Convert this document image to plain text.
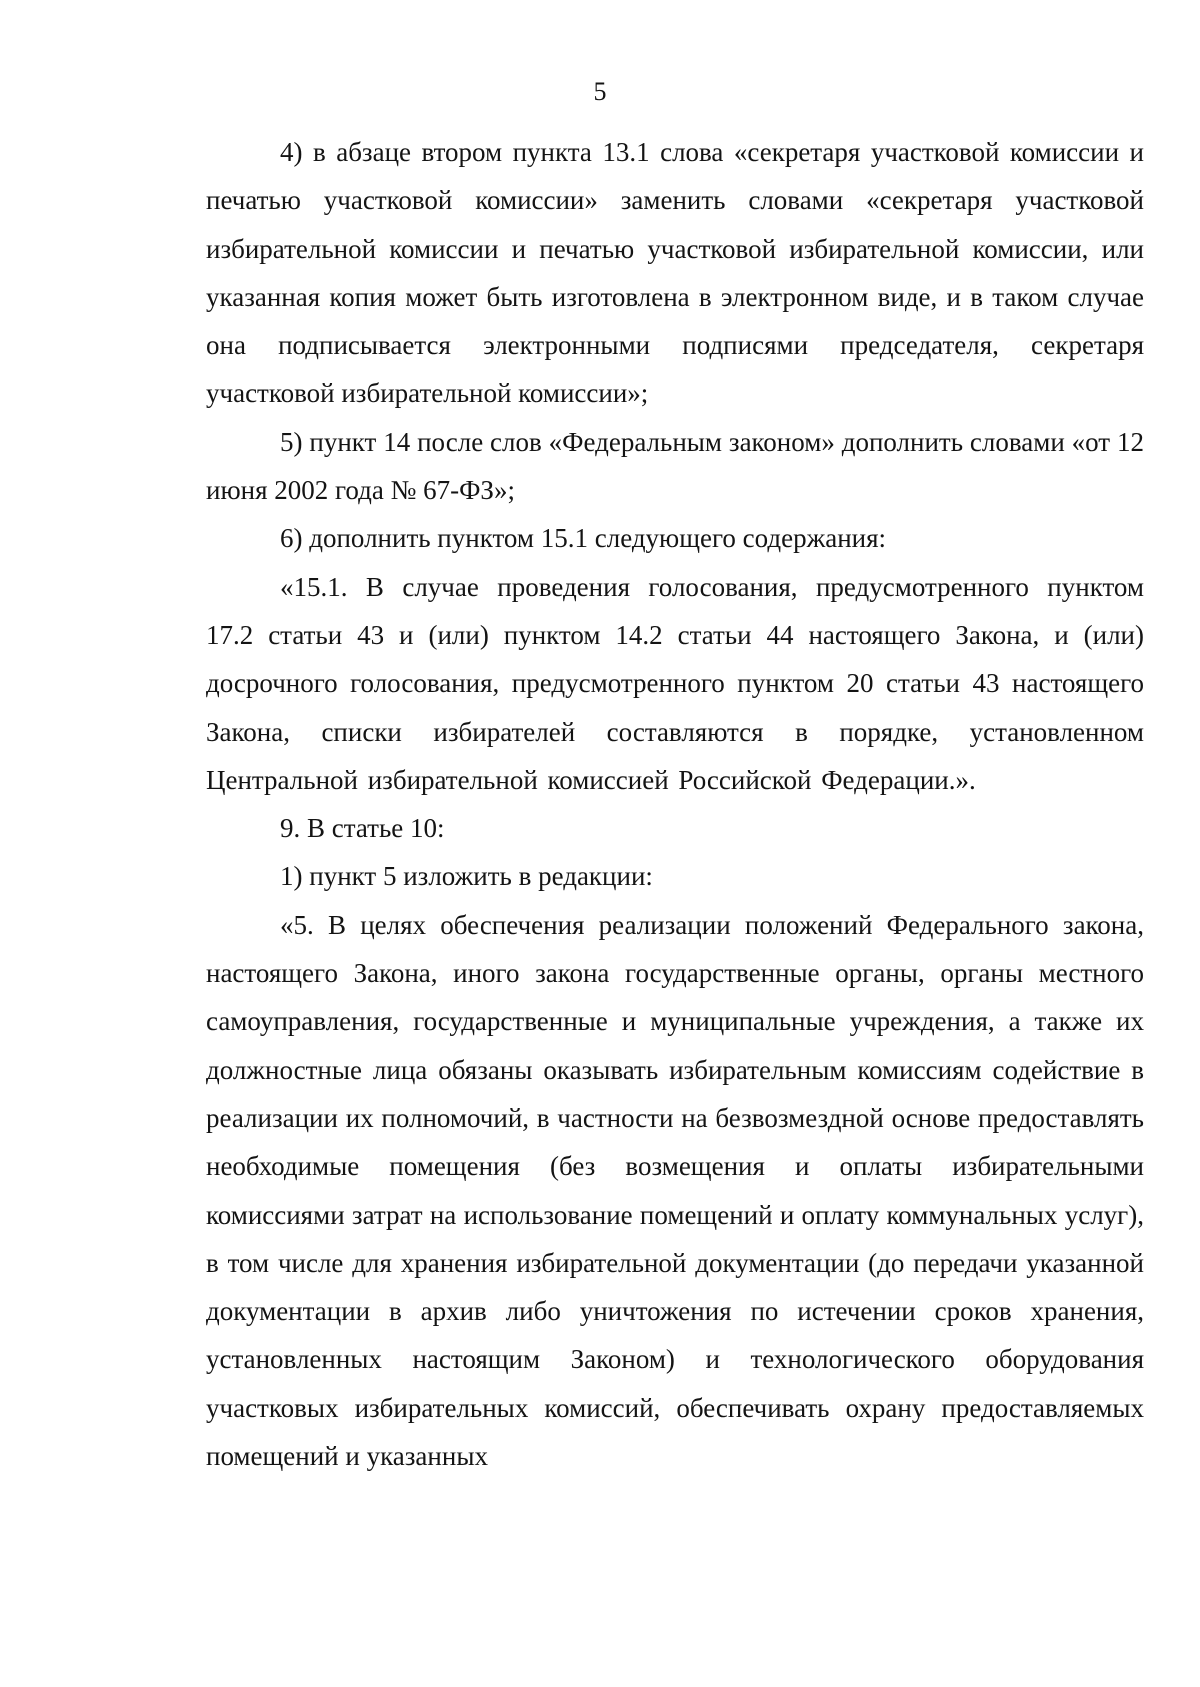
5

4) в абзаце втором пункта 13.1 слова «секретаря участковой комиссии и печатью участковой комиссии» заменить словами «секретаря участковой избирательной комиссии и печатью участковой избирательной комиссии, или указанная копия может быть изготовлена в электронном виде, и в таком случае она подписывается электронными подписями председателя, секретаря участковой избирательной комиссии»;

5) пункт 14 после слов «Федеральным законом» дополнить словами «от 12 июня 2002 года № 67-ФЗ»;

6) дополнить пунктом 15.1 следующего содержания:

«15.1. В случае проведения голосования, предусмотренного пунктом 17.2 статьи 43 и (или) пунктом 14.2 статьи 44 настоящего Закона, и (или) досрочного голосования, предусмотренного пунктом 20 статьи 43 настоящего Закона, списки избирателей составляются в порядке, установленном Центральной избирательной комиссией Российской Федерации.».

9. В статье 10:

1) пункт 5 изложить в редакции:

«5. В целях обеспечения реализации положений Федерального закона, настоящего Закона, иного закона государственные органы, органы местного самоуправления, государственные и муниципальные учреждения, а также их должностные лица обязаны оказывать избирательным комиссиям содействие в реализации их полномочий, в частности на безвозмездной основе предоставлять необходимые помещения (без возмещения и оплаты избирательными комиссиями затрат на использование помещений и оплату коммунальных услуг), в том числе для хранения избирательной документации (до передачи указанной документации в архив либо уничтожения по истечении сроков хранения, установленных настоящим Законом) и технологического оборудования участковых избирательных комиссий, обеспечивать охрану предоставляемых помещений и указанных
